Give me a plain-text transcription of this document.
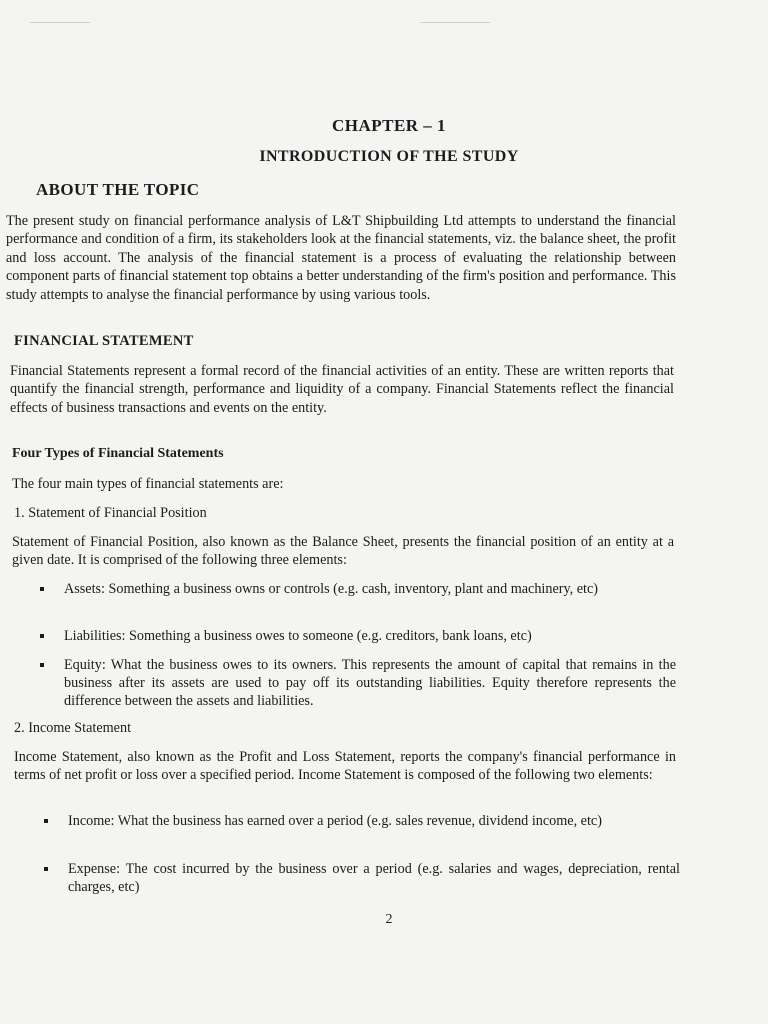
CHAPTER – 1
INTRODUCTION OF THE STUDY
ABOUT THE TOPIC

The present study on financial performance analysis of L&T Shipbuilding Ltd attempts to understand the financial performance and condition of a firm, its stakeholders look at the financial statements, viz. the balance sheet, the profit and loss account. The analysis of the financial statement is a process of evaluating the relationship between component parts of financial statement top obtains a better understanding of the firm's position and performance. This study attempts to analyse the financial performance by using various tools.

FINANCIAL STATEMENT

Financial Statements represent a formal record of the financial activities of an entity. These are written reports that quantify the financial strength, performance and liquidity of a company. Financial Statements reflect the financial effects of business transactions and events on the entity.

Four Types of Financial Statements
The four main types of financial statements are:
1. Statement of Financial Position

Statement of Financial Position, also known as the Balance Sheet, presents the financial position of an entity at a given date. It is comprised of the following three elements:

Assets: Something a business owns or controls (e.g. cash, inventory, plant and machinery, etc)
Liabilities: Something a business owes to someone (e.g. creditors, bank loans, etc)
Equity: What the business owes to its owners. This represents the amount of capital that remains in the business after its assets are used to pay off its outstanding liabilities. Equity therefore represents the difference between the assets and liabilities.
2. Income Statement

Income Statement, also known as the Profit and Loss Statement, reports the company's financial performance in terms of net profit or loss over a specified period. Income Statement is composed of the following two elements:

Income: What the business has earned over a period (e.g. sales revenue, dividend income, etc)
Expense: The cost incurred by the business over a period (e.g. salaries and wages, depreciation, rental charges, etc)
2
